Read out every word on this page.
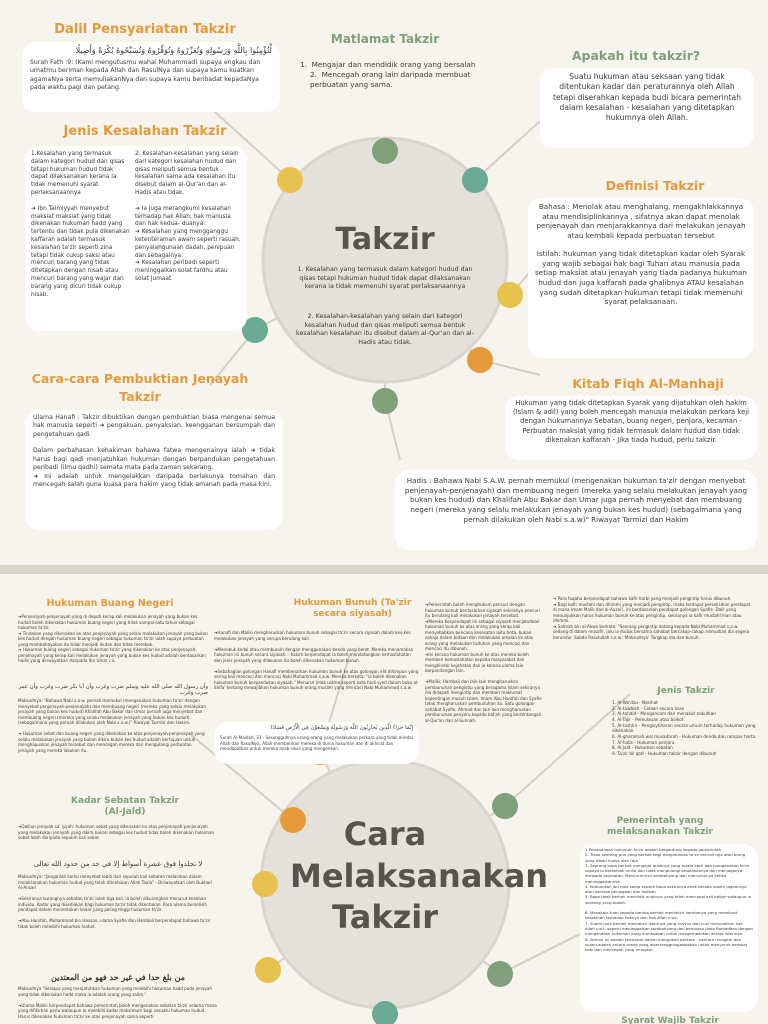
Takzir
1. Kesalahan yang termasuk dalam kategori hudud dan qisas tetapi hukuman hudud tidak dapat dilaksanakan kerana ia tidak memenuhi syarat perlaksanaannya
2. Kesalahan-kesalahan yang selain dari kategori kesalahan hudud dan qisas meliputi semua bentuk kesalahan kesalahan itu disebut dalam al-Qur'an dan al-Hadis atau tidak.
Dalil Pensyariatan Takzir
لِّتُؤْمِنُوا بِاللَّهِ وَرَسُولِهِ وَتُعَزِّرُوهُ وَتُوَقِّرُوهُ وَتُسَبِّحُوهُ بُكْرَةً وَأَصِيلًا
Surah Fath :9: (Kami mengutusmu wahai Muhammad) supaya engkau dan umatmu beriman kepada Allah dan RasulNya dan supaya kamu kuatkan agamaNya serta memuliakanNya dan supaya kamu beribadat kepadaNya pada waktu pagi dan petang.
Matlamat Takzir
1.  Mengajar dan mendidik orang yang bersalah
2.  Mencegah orang lain daripada membuat perbuatan yang sama.
Apakah itu takzir?
Suatu hukuman atau seksaan yang tidak ditentukan kadar dan peraturannya oleh Allah tetapi diserahkan kepada budi bicara pemerintah dalam kesalahan - kesalahan yang ditetapkan hukumnya oleh Allah.
Jenis Kesalahan Takzir
1.Kesalahan yang termasuk dalam kategori hudud dan qisas tetapi hukuman hudud tidak dapat dilaksanakan kerana ia tidak memenuhi syarat perlaksanaannya

➜ Ibn Taimiyyah menyebut maksiat maksiat yang tidak dikenakan hukuman hadd yang tertentu dan tidak pula dikenakan kaffarah adalah termasuk kesalahan ta'zir seperti zina tetapi tidak cukup saksi atau mencuri barang yang tidak ditetapkan dengan nisab atau mencuri barang yang wajar dan barang yang dicuri tidak cukup nisab.
2. Kesalahan-kesalahan yang selain dari kategori kesalahan hudud dan qisas meliputi semua bentuk kesalahan sama ada kesalahan itu disebut dalam al-Qur'an dan al-Hadis atau tidak.

➜ Ia juga merangkumi kesalahan terhadap hak Allah, hak manusia dan hak kedua- duanya.
➜ Kesalahan yang mengganggu ketenteraman awam seperti rasuah, penyalahgunaan dadah, penipuan dan sebagainya.
➜ Kesalahan peribadi seperti meninggalkan solat fardhu atau solat Jumaat
Definisi Takzir
Bahasa : Menolak atau menghalang, mengakhlakkannya atau mendisiplinkannya , sifatnya akan dapat menolak penjenayah dan menjarakkannya dari melakukan jenayah atau kembali kepada perbuatan tersebut
Istilah: hukuman yang tidak ditetapkan kadar oleh Syarak yang wajib sebagai hak bagi Tuhan atau manusia pada setiap maksiat atau jenayah yang tiada padanya hukuman hudud dan juga kaffarah pada ghalibnya ATAU kesalahan yang sudah ditetapkan hukuman tetapi tidak memenuhi syarat pelaksanaan.
Cara-cara Pembuktian Jenayah Takzir
Ulama Hanafi : Takzir dibuktikan dengan pembuktian biasa mengenai semua hak manusia seperti ➜ pengakuan, penyaksian, keengganan bersumpah dan pengetahuan qadi.

Dalam perbahasan kehakiman bahawa fatwa mengenainya ialah ➜ tidak harus bagi qadi menjatuhkan hukuman dengan berpandukan pengetahuan peribadi (ilmu qadhi) semata mata pada zaman sekarang.
➜ Ini adalah untuk mengelakkan daripada berlakunya tomahan dan mencegah salah guna kuasa para hakim yang tidak amanah pada masa kini.
Kitab Fiqh Al-Manhaji
Hukuman yang tidak ditetapkan Syarak yang dijatuhkan oleh hakim (Islam & adil) yang boleh mencegah manusia melakukan perkara keji dengan hukumannya Sebatan, buang negeri, penjara, kecaman - Perbuatan maksiat yang tidak termasuk dalam hudud dan tidak dikenakan kaffarah - Jika tiada hudud, perlu takzir.
Hadis : Bahawa Nabi S.A.W. pernah memukul (mengenakan hukuman ta'zir dengan menyebat penjenayah-penjenayah) dan membuang negeri (mereka yang selalu melakukan jenayah yang bukan kes hudud) dan Khalifah Abu Bakar dan Umar juga pernah menyebat dan membuang negeri (mereka yang selalu melakukan jenayah yang bukan kes hudud) (sebagaimana yang pernah dilakukan oleh Nabi s.a.w)" Riwayat Tarmizi dan Hakim
Cara Melaksanakan Takzir
Hukuman Buang Negeri
➜Penjenayah-penjenayah yang di depoti kerap kali melakukan jenayah yang bukan kes hudud boleh dikenakan hukuman buang negeri yang tidak sampai satu tahun sebagai hukuman ta'zir.
➜ Tindakan yang dikenakan ke atas penjenayah yang selalu melakukan jenayah yang bukan kes hudud dengan hukuman buang negeri sebagai hukuman ta'zir ialah supaya perbuatan yang membahayakan itu tidak menjadi ikutan dan tidak merebak.
➜ Hukuman buang negeri sebagai hukuman ta'zir yang dikenakan ke atas penjenayah-penjenayah yang kerap kali melakukan jenayah yang bukan kes hudud adalah berdasarkan hadis yang diriwayatkan daripada Ibn Umar r.a.
وأن رسول الله صلى الله عليه وسلم ضرب وغرب وأن أبا بكر ضرب وغرب وأن عمر ضرب وغرب
Maksudnya: "Bahawa Nabi s.a.w. pernah memukul (mengenakan hukuman ta'zir dengan menyebat penjenayah-penjenayah) dan membuang negeri (mereka yang selalu melakukan jenayah yang bukan kes hudud) Khalifah Abu Bakar dan Umar pernah juga menyebat dan membuang negeri (mereka yang selalu melakukan jenayah yang bukan kes hudud) (sebagaimana yang pernah dilakukan oleh Nabi s.a.w.)" Riwayat Tarmizi dan Hakim.

➜ Hukuman sebat dan buang negeri yang dikenakan ke atas penjenayah-penjenayah yang selalu melakukan jenayah yang bukan dikira bukan kes hudud adalah bertujuan untuk menghapuskan jenayah tersebut dan mencegah mereka dari mengulangi perbuatan jenayah yang mereka lakukan itu.
Hukuman Bunuh (Ta'zir secara siyasah)
➜Hanafi dan Maliki mengharuskan hukuman bunuh sebagai ta'zir secara siyasah dalam kes-kes melakukan jenayah yang serupa berulang kali.

➜Menebuk kedai atau membunuh dengan menggunakan benda yang berat. Mereka menamakan hukuman ini bunuh secara siyasah. - hakim berpendapat ia boleh mendatangkan kemaslahatan dan jenis jenayah yang dilakukan itu boleh dikenakan hukuman bunuh.

➜Sebahagian golongan Hanafi membenarkan hukuman bunuh ke atas golongan elit dihimpun yang sering kali mencaci dan mencaci Nabi Muhammad s.a.w. Mereka berkata: "ia boleh dikenakan hukuman bunuh berpandukan siyasah." Menurut (mak ulama seperti kata hadi syed dalam buku al-Shifa' tentang mewajibkan hukuman bunuh orang muslim yang mencaci Nabi Muhammad s.a.w.
إِنَّمَا جَزَاءُ الَّذِينَ يُحَارِبُونَ اللَّهَ وَرَسُولَهُ وَيَسْعَوْنَ فِي الْأَرْضِ فَسَادًا
Surah Al-Maidah, 33 - Sesungguhnya orang-orang yang melakukan perkara yang tidak diredai Allah dan RasulNya, Allah memberikan mereka di dunia hukuman dan di akhirat dan mendapatkan untuk mereka azab siksa yang mengerikan.
➜Pemerintah boleh menghukum pencuri dengan hukuman bunuh berdasarkan siyasah sekiranya pencuri itu berulang kali melakukan jenayah tersebut.
➜Mereka berpendapat ini sebagai siyasah menjatuhkan hukuman bunuh ke atas orang yang kerap kali menyebabkan bencana kesesatan iaitu tinta, bukan sahaja dalam bidaan dan melakukan amalan ke atas orang yang melakukan tuduhan yang mencaci dan mencaci itu dibunuh.
➜Ini kerana hukuman bunuh ke atas mereka boleh memberi kemaslahatan kepada masyarakat dan menghindar kejahatan dan ia kerana ulama lain berpandangan lain.

➜Maliki, Hambali dan lain-lain mengharuskan pembunuhan pengintip yang beragama Islam sekiranya dia didapati mengintip dan memberi maklumat kepentingan musuh Islam. Imam Abu Hanifah dan Syafie tidak mengharuskan pembunuhan itu. Satu golongan sahabat Syafie, Ahmad dan lain-lain mengharuskan pembunuhan penyeru kepada bid'ah yang bertentangan al-Qur'an dan al-Sunnah.
➜ Para fuqaha berpendapat bahawa kafir harbi yang menjadi pengintip harus dibunuh.
➜ Bagi kafir mustahi dan dhimmi yang menjadi pengintip, maka terdapat perselisihan pendapat di mana Imam Malik dan al-Auzai'i, ini berdasarkan pendapat golongan Syafie. Dalil yang menunjukkan harus hukuman bunuh ke atas pengintip, sekiranya ia kafir mustahi'man atau dhimmi.
➜ Salmah bin al-Akwa berkata: "Seorang pengintip datang kepada Nabi Muhammad s.a.w. sedang di dalam musafir, lalu ia duduk bersama sahabat bercakap-cakap, kemudian dia segera berundur. Sabda Rasulullah s.a.w.: Maksudnya: Tangkap dia dan bunuh.
Jenis Takzir
1. Al-Wa'dzu - Nasihat
2. Al-tawbikh - Celaan secara lisan
3. Al-tahdid - Mengancam dan menakut-nakutkan
4. Al-Tajir - Pemulauan atau boikot
5. Al-tashhir - Pengisytiharan secara umum terhadap hukuman yang dikenakan
6. Al-gharamah wal musadarah - Hukuman denda dan rampas harta
7. Al-habs - Hukuman penjara
8. Al-jald - Hukuman sebatan
9. Ta'zir bil qatl - Hukuman takzir dengan dibunuh
Pemerintah yang melaksanakan Takzir
1.Pelaksanaan hukuman ta'zir adalah bergantung kepada pemerintah
2. Tiada seorang pun yang berhak bagi menjatuhkan ta'zir kecuali raja atau orang yang diberi kuasa oleh raja
3. Seorang bapa berhak mengajar anaknya yang masih kecil dan mengenakan ta'zir supaya ia berakhlak mulia dan tidak mengulangi kesalahannya dan menjaganya daripada kejahatan. Menyuruhnya sembahyang dan memukulnya ketika meninggalkannya
4. Kedudukan ibu pula sama seperti bapa sekiranya anak berada dalam jagaannya atau semasa penjagaan dan didikan
5. Bapa tidak berhak mendidik anaknya yang telah mencapai akil baligh walaupun ia seorang yang bodoh.

6. Manakala tuan kepada hamba berhak mentakzir hambanya yang membuat kesalahan terhadap haknya dan hak Allah s.w.t.
7. Suami pula berhak mentakzir isterinya yang nusyuz dan cuai menunaikan hak Allah s.w.t. seperti meninggalkan sembahyang dan berpuasa pada Ramadhan dengan mengenakan hukuman yang munasabah untuk mengembalikan akhlak isterinya.
8. Semua ini adalah termasuk dalam mengubah perkara - perkara mungkar dan suami adalah antara orang yang dipertanggungjawabkan untuk menyuruh berbuat baik dan mencegah yang mungkar.
Kadar Sebatan Takzir (Al-Jald)
➜Qalilun jenayah sa' iyyah: hukuman sebat yang dikenakan ke atas penjenayah-penjenayah yang melakukan jenayah yang dikira bukan sebagai kes hudud tidak boleh dikenakan hukuman sebat lebih daripada sepuluh kali sebat.
لا تجلدوا فوق عشرة أسواط إلا في حد من حدود الله تعالى
Maksudnya: "Janganlah kamu menyebat lebih dari sepuluh kali sebatan melainkan dalam melaksanakan hukuman hudud yang telah ditentukan Allah Taala" - Diriwayatkan oleh Bukhari Al-Ansari

➜Sekiranya kurangnya sebatan ta'zir ialah tiga kali, ia boleh dikurangkan menurut keadaan individu. Kadar yang disediakan bagi hukuman ta'zir tidak ditentukan. Para ulama berselisih pendapat dalam menentukan kadar yang paling tinggi hukuman ta'zir.

➜Abu Hanifah, Muhammad bin Hassan, ulama Syafie dan Hambali berpendapat bahawa ta'zir tidak boleh melebihi hukuman hudud.
من بلغ حدا في غير حد فهو من المعتدين
Maksudnya "Sesiapa yang menjatuhkan hukuman yang melebihi hukuman hadd pada jenayah yang tidak dikenakan hadd maka ia adalah orang yang zalim."

➜Ulama Maliki berpendapat bahawa pemerintah boleh mengenakan sebatan ta'zir selama mana yang difikirkan perlu walaupun ia melebihi kadar maksimum bagi sesuatu hukuman hudud. Harus dikenakan hukuman ta'zir ke atas penjenayah sama seperti	Syarat Wajib Takzir
